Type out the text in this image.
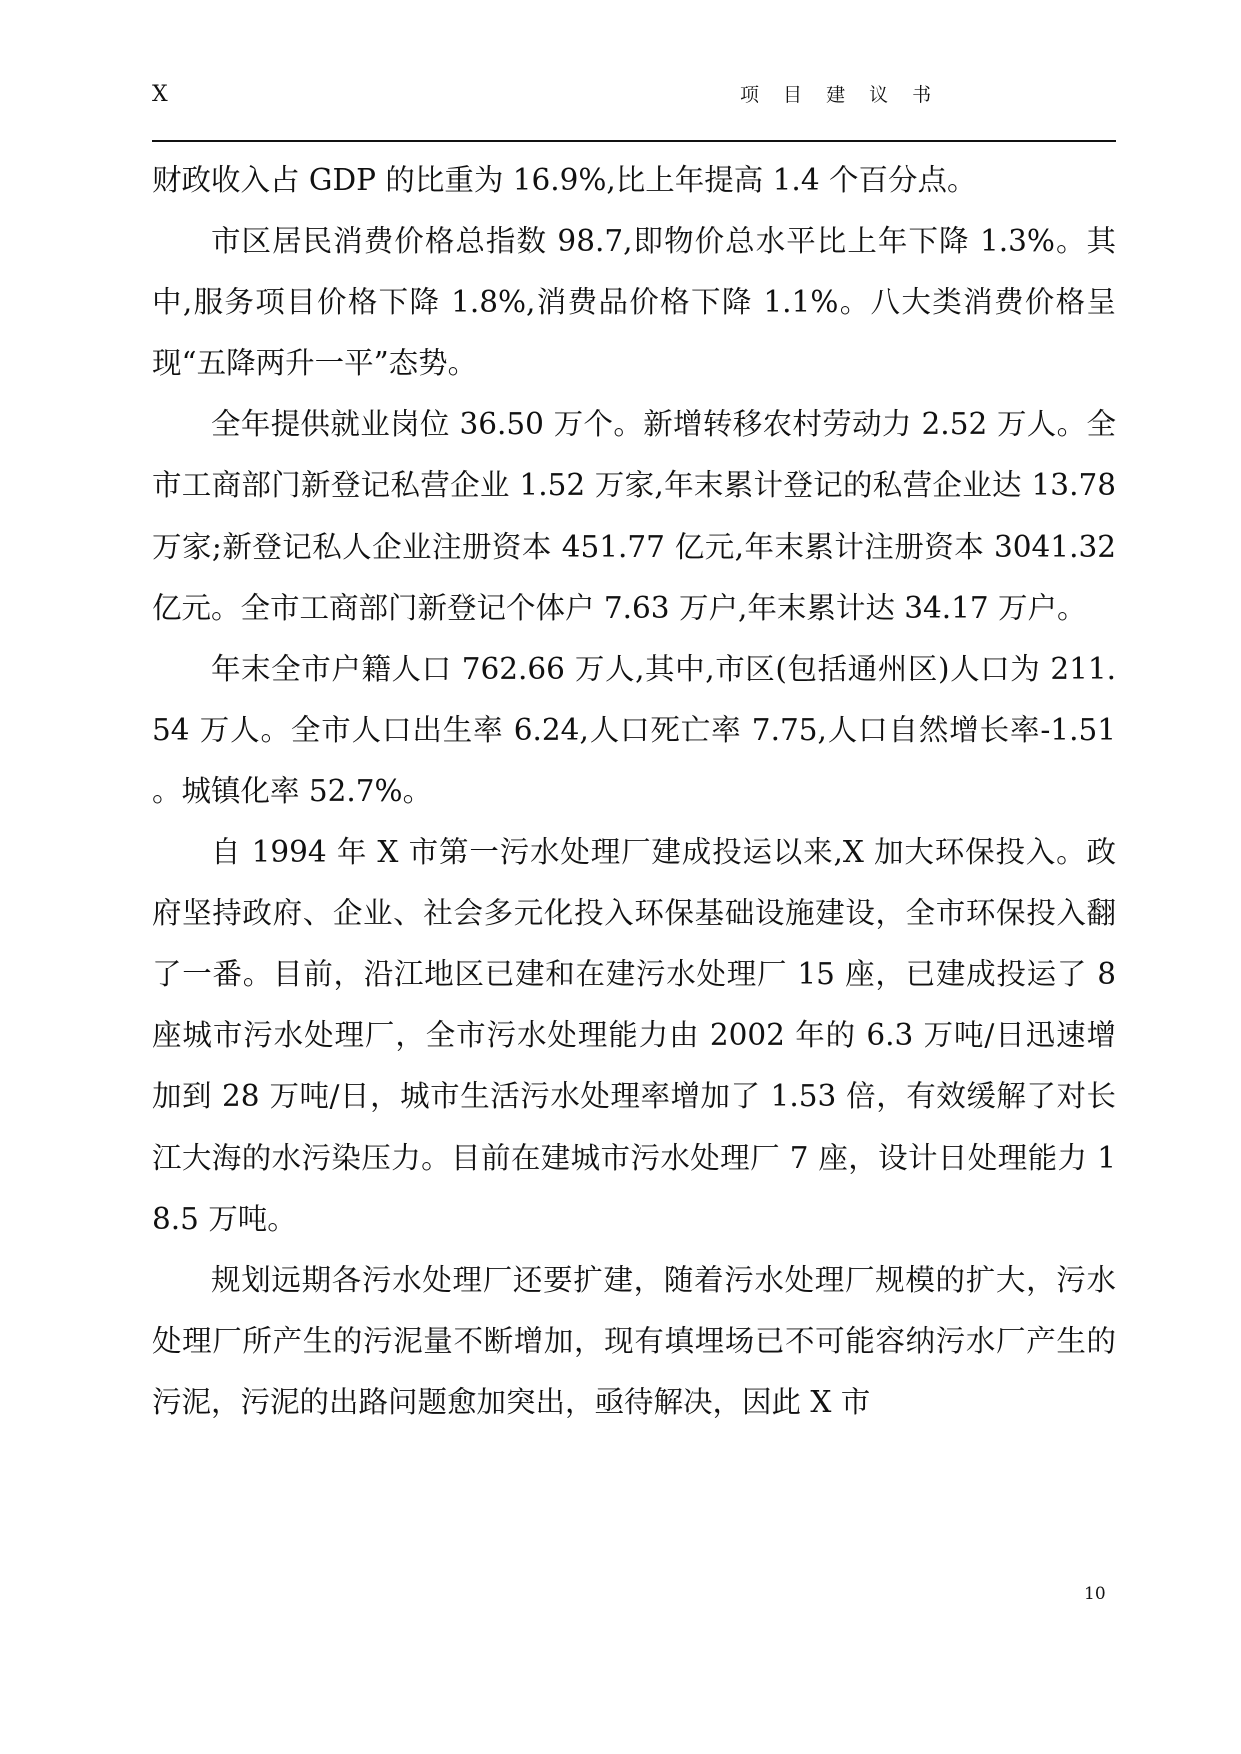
X	项 目 建 议 书

财政收入占 GDP 的比重为 16.9%,比上年提高 1.4 个百分点。

市区居民消费价格总指数 98.7,即物价总水平比上年下降 1.3%。其中,服务项目价格下降 1.8%,消费品价格下降 1.1%。八大类消费价格呈现“五降两升一平”态势。

全年提供就业岗位 36.50 万个。新增转移农村劳动力 2.52 万人。全市工商部门新登记私营企业 1.52 万家,年末累计登记的私营企业达 13.78 万家;新登记私人企业注册资本 451.77 亿元,年末累计注册资本 3041.32 亿元。全市工商部门新登记个体户 7.63 万户,年末累计达 34.17 万户。

年末全市户籍人口 762.66 万人,其中,市区(包括通州区)人口为 211.54 万人。全市人口出生率 6.24,人口死亡率 7.75,人口自然增长率-1.51 。城镇化率 52.7%。

自 1994 年 X 市第一污水处理厂建成投运以来,X 加大环保投入。政府坚持政府、企业、社会多元化投入环保基础设施建设，全市环保投入翻了一番。目前，沿江地区已建和在建污水处理厂 15 座，已建成投运了 8 座城市污水处理厂，全市污水处理能力由 2002 年的 6.3 万吨/日迅速增加到 28 万吨/日，城市生活污水处理率增加了 1.53 倍，有效缓解了对长江大海的水污染压力。目前在建城市污水处理厂 7 座，设计日处理能力 18.5 万吨。

规划远期各污水处理厂还要扩建，随着污水处理厂规模的扩大，污水处理厂所产生的污泥量不断增加，现有填埋场已不可能容纳污水厂产生的污泥，污泥的出路问题愈加突出，亟待解决，因此 X 市

10
